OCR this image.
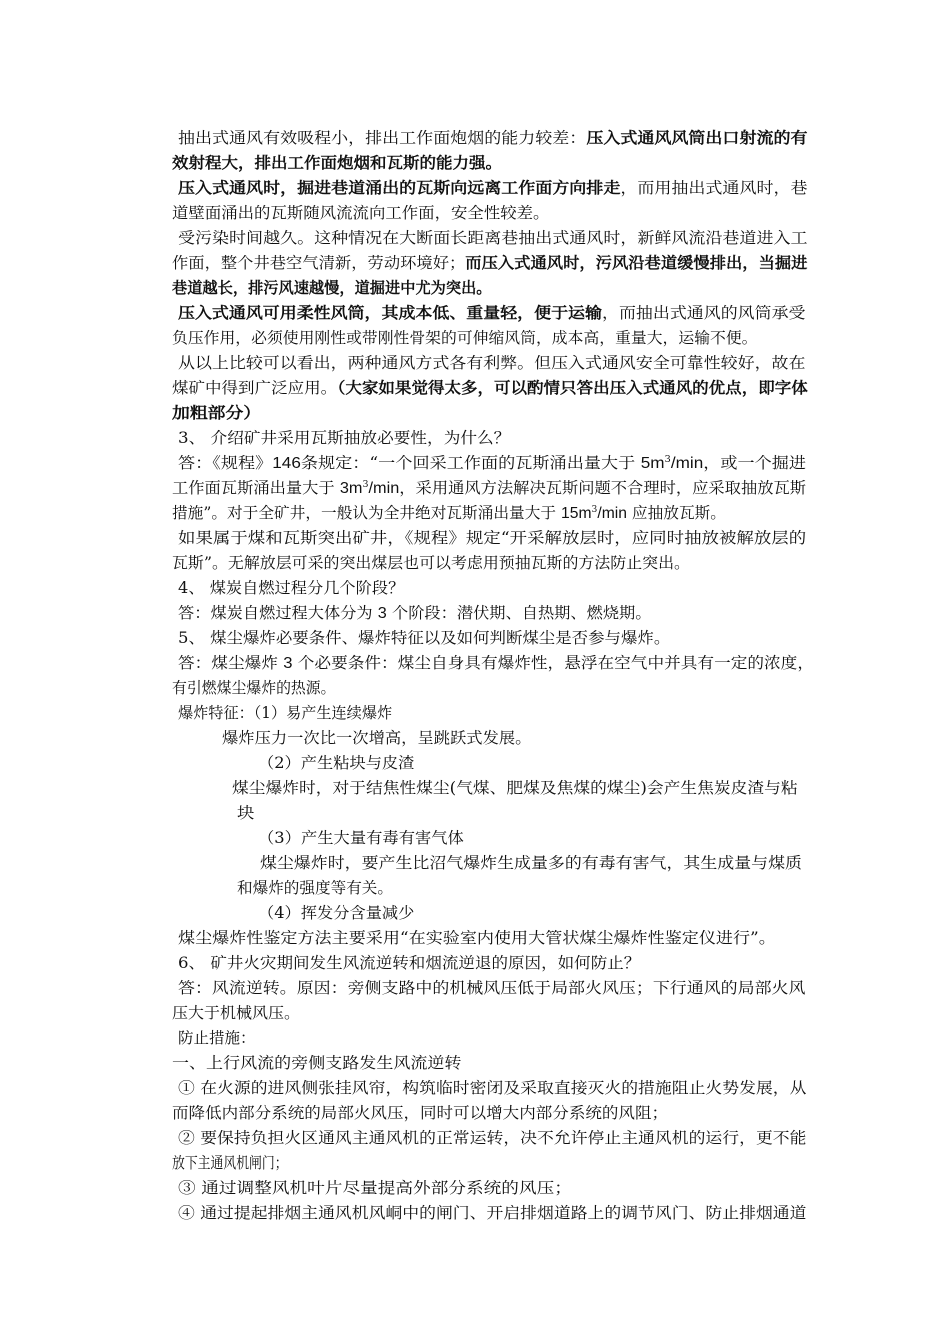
抽出式通风有效吸程小，排出工作面炮烟的能力较差：压入式通风风筒出口射流的有
效射程大，排出工作面炮烟和瓦斯的能力强。
压入式通风时，掘进巷道涌出的瓦斯向远离工作面方向排走，而用抽出式通风时，巷
道壁面涌出的瓦斯随风流流向工作面，安全性较差。
受污染时间越久。这种情况在大断面长距离巷抽出式通风时，新鲜风流沿巷道进入工
作面，整个井巷空气清新，劳动环境好；而压入式通风时，污风沿巷道缓慢排出，当掘进
巷道越长，排污风速越慢，道掘进中尤为突出。
压入式通风可用柔性风筒，其成本低、重量轻，便于运输，而抽出式通风的风筒承受
负压作用，必须使用刚性或带刚性骨架的可伸缩风筒，成本高，重量大，运输不便。
从以上比较可以看出，两种通风方式各有利弊。但压入式通风安全可靠性较好，故在
煤矿中得到广泛应用。（大家如果觉得太多，可以酌情只答出压入式通风的优点，即字体
加粗部分）
3、 介绍矿井采用瓦斯抽放必要性，为什么？
答：《规程》146条规定：“一个回采工作面的瓦斯涌出量大于 $5m^3/\min$，或一个掘进
工作面瓦斯涌出量大于 $3m^3/\min$，采用通风方法解决瓦斯问题不合理时，应采取抽放瓦斯
措施”。对于全矿井，一般认为全井绝对瓦斯涌出量大于 $15m^3/\min$ 应抽放瓦斯。
如果属于煤和瓦斯突出矿井，《规程》规定“开采解放层时，应同时抽放被解放层的
瓦斯”。无解放层可采的突出煤层也可以考虑用预抽瓦斯的方法防止突出。
4、 煤炭自燃过程分几个阶段？
答：煤炭自燃过程大体分为 3 个阶段：潜伏期、自热期、燃烧期。
5、 煤尘爆炸必要条件、爆炸特征以及如何判断煤尘是否参与爆炸。
答：煤尘爆炸 3 个必要条件：煤尘自身具有爆炸性，悬浮在空气中并具有一定的浓度，
有引燃煤尘爆炸的热源。
爆炸特征：（1）易产生连续爆炸
爆炸压力一次比一次增高，呈跳跃式发展。
（2）产生粘块与皮渣
煤尘爆炸时，对于结焦性煤尘(气煤、肥煤及焦煤的煤尘)会产生焦炭皮渣与粘
块
（3）产生大量有毒有害气体
煤尘爆炸时，要产生比沼气爆炸生成量多的有毒有害气，其生成量与煤质
和爆炸的强度等有关。
（4）挥发分含量减少
煤尘爆炸性鉴定方法主要采用“在实验室内使用大管状煤尘爆炸性鉴定仪进行”。
6、 矿井火灾期间发生风流逆转和烟流逆退的原因，如何防止？
答：风流逆转。原因：旁侧支路中的机械风压低于局部火风压；下行通风的局部火风
压大于机械风压。
防止措施：
一、上行风流的旁侧支路发生风流逆转
① 在火源的进风侧张挂风帘，构筑临时密闭及采取直接灭火的措施阻止火势发展，从
而降低内部分系统的局部火风压，同时可以增大内部分系统的风阻；
② 要保持负担火区通风主通风机的正常运转，决不允许停止主通风机的运行，更不能
放下主通风机闸门；
③ 通过调整风机叶片尽量提高外部分系统的风压；
④ 通过提起排烟主通风机风峒中的闸门、开启排烟道路上的调节风门、防止排烟通道
